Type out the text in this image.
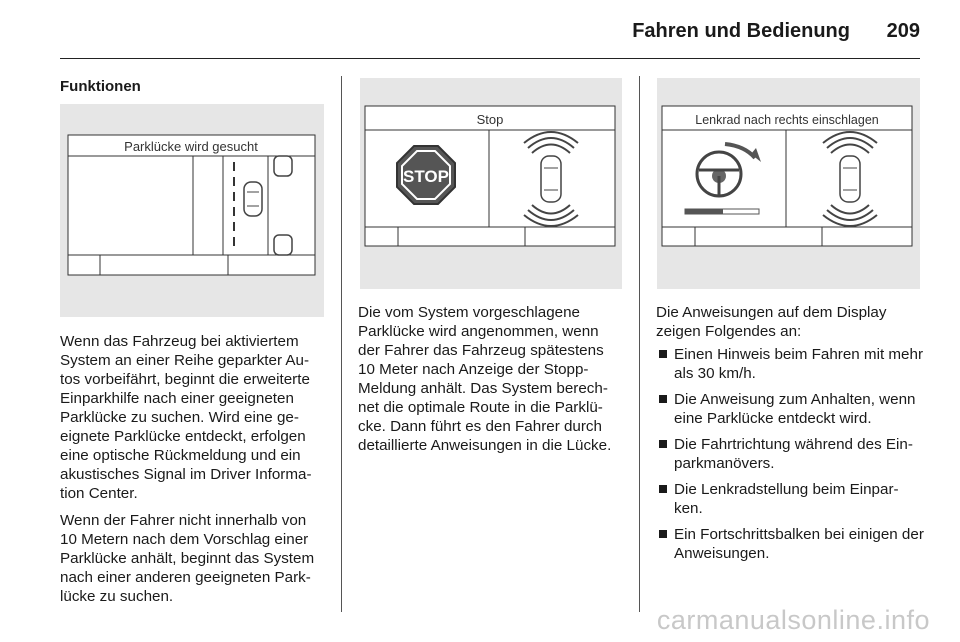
Fahren und Bedienung 209
Funktionen
Parklücke wird gesucht
Stop
STOP
Lenkrad nach rechts einschlagen

Wenn das Fahrzeug bei aktiviertem System an einer Reihe geparkter Au-tos vorbeifährt, beginnt die erweiterte Einparkhilfe nach einer geeigneten Parklücke zu suchen. Wird eine ge-eignete Parklücke entdeckt, erfolgen eine optische Rückmeldung und ein akustisches Signal im Driver Informa-tion Center.

Wenn der Fahrer nicht innerhalb von 10 Metern nach dem Vorschlag einer Parklücke anhält, beginnt das System nach einer anderen geeigneten Park-lücke zu suchen.

Die vom System vorgeschlagene Parklücke wird angenommen, wenn der Fahrer das Fahrzeug spätestens 10 Meter nach Anzeige der Stopp-Meldung anhält. Das System berech-net die optimale Route in die Parklü-cke. Dann führt es den Fahrer durch detaillierte Anweisungen in die Lücke.

Die Anweisungen auf dem Display zeigen Folgendes an:

Einen Hinweis beim Fahren mit mehr als 30 km/h.
Die Anweisung zum Anhalten, wenn eine Parklücke entdeckt wird.
Die Fahrtrichtung während des Ein-parkmanövers.
Die Lenkradstellung beim Einpar-ken.
Ein Fortschrittsbalken bei einigen der Anweisungen.
carmanualsonline.info
